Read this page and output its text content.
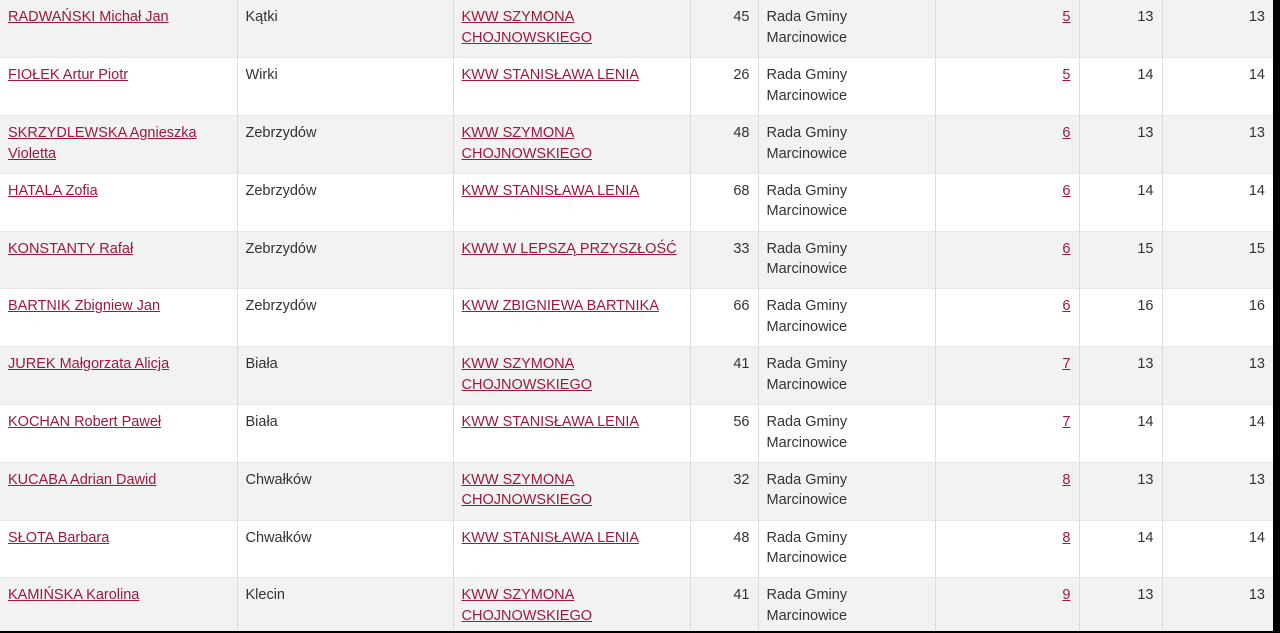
RADWAŃSKI Michał Jan	Kątki	KWW SZYMONA CHOJNOWSKIEGO	45	Rada Gminy Marcinowice	5	13	13
FIOŁEK Artur Piotr	Wirki	KWW STANISŁAWA LENIA	26	Rada Gminy Marcinowice	5	14	14
SKRZYDLEWSKA Agnieszka Violetta	Zebrzydów	KWW SZYMONA CHOJNOWSKIEGO	48	Rada Gminy Marcinowice	6	13	13
HATALA Zofia	Zebrzydów	KWW STANISŁAWA LENIA	68	Rada Gminy Marcinowice	6	14	14
KONSTANTY Rafał	Zebrzydów	KWW W LEPSZĄ PRZYSZŁOŚĆ	33	Rada Gminy Marcinowice	6	15	15
BARTNIK Zbigniew Jan	Zebrzydów	KWW ZBIGNIEWA BARTNIKA	66	Rada Gminy Marcinowice	6	16	16
JUREK Małgorzata Alicja	Biała	KWW SZYMONA CHOJNOWSKIEGO	41	Rada Gminy Marcinowice	7	13	13
KOCHAN Robert Paweł	Biała	KWW STANISŁAWA LENIA	56	Rada Gminy Marcinowice	7	14	14
KUCABA Adrian Dawid	Chwałków	KWW SZYMONA CHOJNOWSKIEGO	32	Rada Gminy Marcinowice	8	13	13
SŁOTA Barbara	Chwałków	KWW STANISŁAWA LENIA	48	Rada Gminy Marcinowice	8	14	14
KAMIŃSKA Karolina	Klecin	KWW SZYMONA CHOJNOWSKIEGO	41	Rada Gminy Marcinowice	9	13	13
